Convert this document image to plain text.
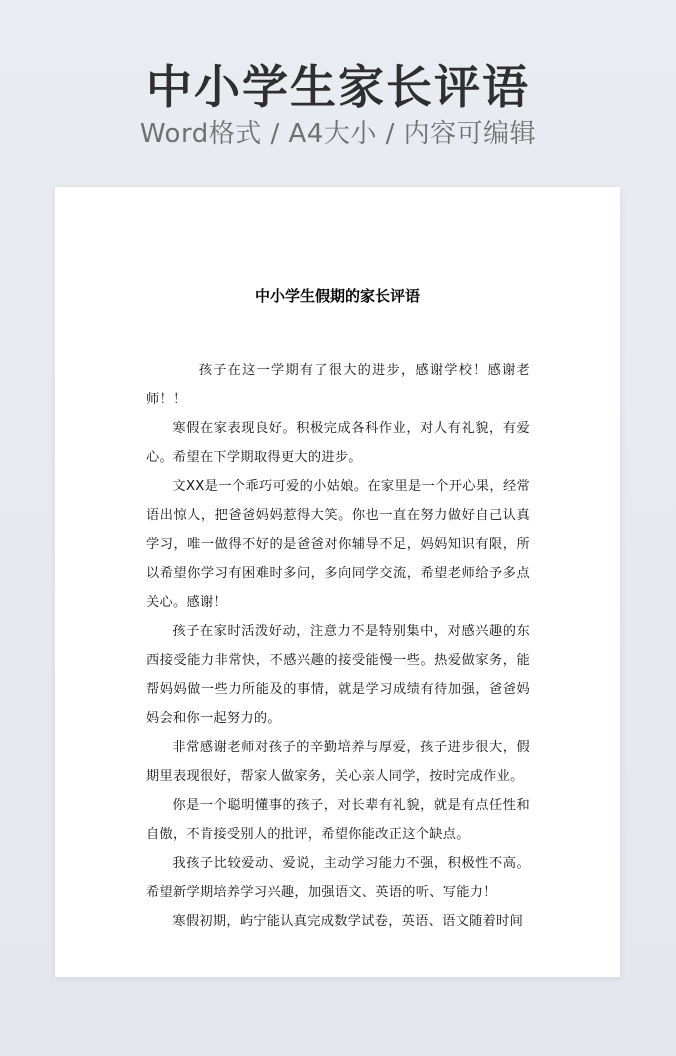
中小学生家长评语
Word格式 / A4大小 / 内容可编辑
中小学生假期的家长评语

孩子在这一学期有了很大的进步，感谢学校！感谢老师！！

寒假在家表现良好。积极完成各科作业，对人有礼貌，有爱心。希望在下学期取得更大的进步。

文XX是一个乖巧可爱的小姑娘。在家里是一个开心果，经常语出惊人，把爸爸妈妈惹得大笑。你也一直在努力做好自己认真学习，唯一做得不好的是爸爸对你辅导不足，妈妈知识有限，所以希望你学习有困难时多问，多向同学交流，希望老师给予多点关心。感谢！

孩子在家时活泼好动，注意力不是特别集中，对感兴趣的东西接受能力非常快，不感兴趣的接受能慢一些。热爱做家务，能帮妈妈做一些力所能及的事情，就是学习成绩有待加强，爸爸妈妈会和你一起努力的。

非常感谢老师对孩子的辛勤培养与厚爱，孩子进步很大，假期里表现很好，帮家人做家务，关心亲人同学，按时完成作业。

你是一个聪明懂事的孩子，对长辈有礼貌，就是有点任性和自傲，不肯接受别人的批评，希望你能改正这个缺点。

我孩子比较爱动、爱说，主动学习能力不强，积极性不高。希望新学期培养学习兴趣，加强语文、英语的听、写能力！

寒假初期，屿宁能认真完成数学试卷，英语、语文随着时间
